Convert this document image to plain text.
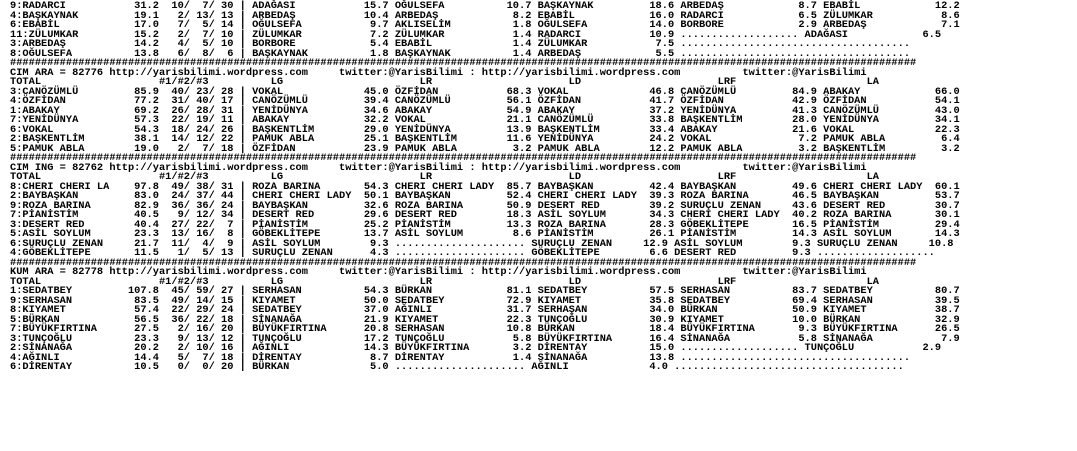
9:RADARCI           31.2  10/  7/ 30 | ADAĞASI           15.7 OĞULSEFA          10.7 BAŞKAYNAK         18.6 ARBEDAŞ            8.7 EBABİL            12.2
4:BAŞKAYNAK         19.1   2/ 13/ 13 | ARBEDAŞ           10.4 ARBEDAŞ            8.2 EBABİL            16.0 RADARCI            6.5 ZÜLUMKAR           8.6
6:EBABİL            17.0   7/  5/ 14 | OĞULSEFA           9.7 AKLISELİM          1.8 OĞULSEFA          14.0 BORBORE            2.9 ARBEDAŞ            7.1
11:ZÜLUMKAR         15.2   2/  7/ 10 | ZÜLUMKAR           7.2 ZÜLUMKAR           1.4 RADARCI           10.9 ................... ADAĞASI            6.5
3:ARBEDAŞ           14.2   4/  5/ 10 | BORBORE            5.4 EBABİL             1.4 ZÜLUMKAR           7.5 .....................................
8:OĞULSEFA          13.8   6/  8/  6 | BAŞKAYNAK          1.8 BAŞKAYNAK          1.4 ARBEDAŞ            5.5 .....................................
##################################################################################################################################################
CIM ARA = 82776 http://yarisbilimi.wordpress.com     twitter:@YarisBilimi : http://yarisbilimi.wordpress.com          twitter:@YarisBilimi
TOTAL                   #1/#2/#3          LG                      LR                      LD                      LRF                     LA
3:CANÖZÜMLÜ         85.9  40/ 23/ 28 | VOKAL             45.0 ÖZFİDAN           68.3 VOKAL             46.8 CANÖZÜMLÜ         84.9 ABAKAY            66.0
4:ÖZFİDAN           77.2  31/ 40/ 17 | CANÖZÜMLÜ         39.4 CANÖZÜMLÜ         56.1 ÖZFİDAN           41.7 ÖZFİDAN           42.9 ÖZFİDAN           54.1
1:ABAKAY            69.2  26/ 28/ 31 | YENİDÜNYA         34.6 ABAKAY            54.9 ABAKAY            37.2 YENİDÜNYA         41.3 CANÖZÜMLÜ         43.0
7:YENİDÜNYA         57.3  22/ 19/ 11 | ABAKAY            32.2 VOKAL             21.1 CANÖZÜMLÜ         33.8 BAŞKENTLİM        28.0 YENİDÜNYA         34.1
6:VOKAL             54.3  18/ 24/ 26 | BAŞKENTLİM        29.0 YENİDÜNYA         13.9 BAŞKENTLİM        33.4 ABAKAY            21.6 VOKAL             22.3
2:BAŞKENTLİM        38.1  14/ 12/ 22 | PAMUK ABLA        25.1 BAŞKENTLİM        11.6 YENİDÜNYA         24.2 VOKAL              7.2 PAMUK ABLA         6.4
5:PAMUK ABLA        19.0   2/  7/ 18 | ÖZFİDAN           23.9 PAMUK ABLA         3.2 PAMUK ABLA        12.2 PAMUK ABLA         3.2 BAŞKENTLİM         3.2
##################################################################################################################################################
CIM ING = 82762 http://yarisbilimi.wordpress.com     twitter:@YarisBilimi : http://yarisbilimi.wordpress.com          twitter:@YarisBilimi
TOTAL                   #1/#2/#3          LG                      LR                      LD                      LRF                     LA
8:CHERI CHERI LA    97.8  49/ 38/ 31 | ROZA BARINA       54.3 CHERI CHERI LADY  85.7 BAYBAŞKAN         42.4 BAYBAŞKAN         49.6 CHERI CHERI LADY  60.1
2:BAYBAŞKAN         83.0  24/ 37/ 44 | CHERI CHERI LADY  50.1 BAYBAŞKAN         52.4 CHERI CHERI LADY  39.3 ROZA BARINA       46.5 BAYBAŞKAN         53.7
9:ROZA BARINA       82.9  36/ 36/ 24 | BAYBAŞKAN         32.6 ROZA BARINA       50.9 DESERT RED        39.2 SURUÇLU ZENAN     43.6 DESERT RED        30.7
7:PİANİSTİM         40.5   9/ 12/ 34 | DESERT RED        29.6 DESERT RED        18.3 ASİL SOYLUM       34.3 CHERI CHERI LADY  40.2 ROZA BARINA       30.1
3:DESERT RED        40.4  27/ 22/  7 | PİANİSTİM         25.2 PİANİSTİM         13.3 ROZA BARINA       28.3 GÖBEKLİTEPE       16.5 PİANİSTİM         29.4
5:ASİL SOYLUM       23.3  13/ 16/  8 | GÖBEKLİTEPE       13.7 ASİL SOYLUM        8.6 PİANİSTİM         26.1 PİANİSTİM         14.3 ASİL SOYLUM       14.3
6:SURUÇLU ZENAN     21.7  11/  4/  9 | ASİL SOYLUM        9.3 ..................... SURUÇLU ZENAN     12.9 ASİL SOYLUM        9.3 SURUÇLU ZENAN     10.8
4:GÖBEKLİTEPE       11.5   1/  5/ 13 | SURUÇLU ZENAN      4.3 ..................... GÖBEKLİTEPE        6.6 DESERT RED         9.3 ...................
##################################################################################################################################################
KUM ARA = 82778 http://yarisbilimi.wordpress.com     twitter:@YarisBilimi : http://yarisbilimi.wordpress.com          twitter:@YarisBilimi
TOTAL                   #1/#2/#3          LG                      LR                      LD                      LRF                     LA
1:SEDATBEY         107.8  45/ 59/ 27 | SERHASAN          54.3 BÜRKAN            81.1 SEDATBEY          57.5 SERHASAN          83.7 SEDATBEY          80.7
9:SERHASAN          83.5  49/ 14/ 15 | KIYAMET           50.0 SEDATBEY          72.9 KIYAMET           35.8 SEDATBEY          69.4 SERHASAN          39.5
8:KIYAMET           57.4  22/ 29/ 24 | SEDATBEY          37.0 AĞINLI            31.7 SERHAŞAN          34.0 BÜRKAN            50.9 KIYAMET           38.7
5:BÜRKAN            56.5  36/ 22/ 18 | SİNANAĞA          21.9 KIYAMET           22.3 TUNÇOĞLU          30.9 KIYAMET           10.0 BÜRKAN            32.9
7:BÜYÜKFIRTINA      27.5   2/ 16/ 20 | BÜYÜKFIRTINA      20.8 SERHASAN          10.8 BÜRKAN            18.4 BÜYÜKFIRTINA       9.3 BÜYÜKFIRTINA      26.5
3:TUNÇOĞLU          23.3   9/ 13/ 12 | TUNÇOĞLU          17.2 TUNÇOĞLU           5.8 BÜYÜKFIRTINA      16.4 SİNANAĞA           5.8 SİNANAĞA           7.9
2:SİNANAĞA          20.2   2/ 10/ 16 | AĞINLI            14.3 BÜYÜKFIRTINA       3.2 DİRENTAY          15.0 ................... TUNÇOĞLU           2.9
4:AĞINLI            14.4   5/  7/ 18 | DİRENTAY           8.7 DİRENTAY           1.4 SİNANAĞA          13.8 .....................................
6:DİRENTAY          10.5   0/  0/ 20 | BÜRKAN             5.0 ..................... AĞINLI             4.0 .....................................
